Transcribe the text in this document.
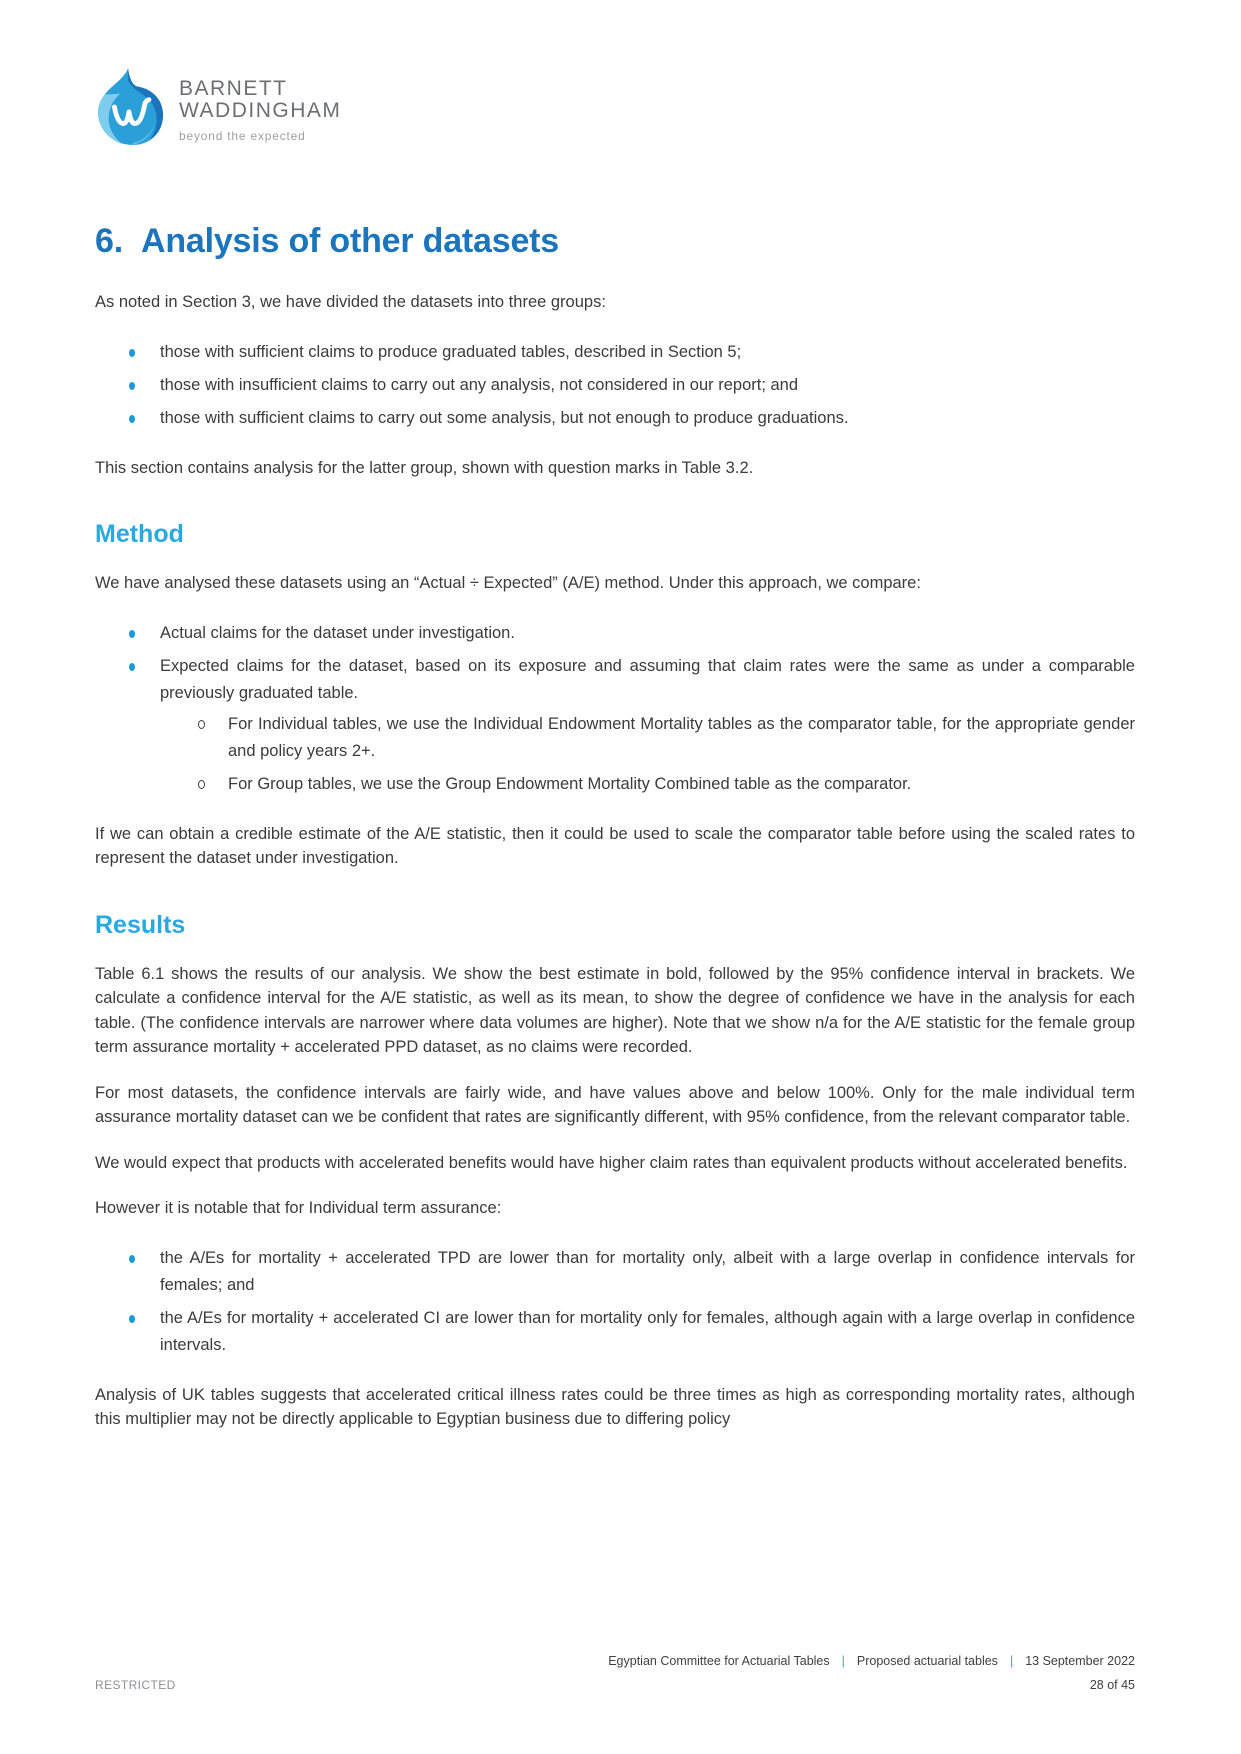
BARNETT
WADDINGHAM
beyond the expected
6. Analysis of other datasets

As noted in Section 3, we have divided the datasets into three groups:

those with sufficient claims to produce graduated tables, described in Section 5;
those with insufficient claims to carry out any analysis, not considered in our report; and
those with sufficient claims to carry out some analysis, but not enough to produce graduations.

This section contains analysis for the latter group, shown with question marks in Table 3.2.

Method

We have analysed these datasets using an “Actual ÷ Expected” (A/E) method. Under this approach, we compare:

Actual claims for the dataset under investigation.
Expected claims for the dataset, based on its exposure and assuming that claim rates were the same as under a comparable previously graduated table.
For Individual tables, we use the Individual Endowment Mortality tables as the comparator table, for the appropriate gender and policy years 2+.
For Group tables, we use the Group Endowment Mortality Combined table as the comparator.

If we can obtain a credible estimate of the A/E statistic, then it could be used to scale the comparator table before using the scaled rates to represent the dataset under investigation.

Results

Table 6.1 shows the results of our analysis. We show the best estimate in bold, followed by the 95% confidence interval in brackets. We calculate a confidence interval for the A/E statistic, as well as its mean, to show the degree of confidence we have in the analysis for each table. (The confidence intervals are narrower where data volumes are higher). Note that we show n/a for the A/E statistic for the female group term assurance mortality + accelerated PPD dataset, as no claims were recorded.

For most datasets, the confidence intervals are fairly wide, and have values above and below 100%. Only for the male individual term assurance mortality dataset can we be confident that rates are significantly different, with 95% confidence, from the relevant comparator table.

We would expect that products with accelerated benefits would have higher claim rates than equivalent products without accelerated benefits.

However it is notable that for Individual term assurance:

the A/Es for mortality + accelerated TPD are lower than for mortality only, albeit with a large overlap in confidence intervals for females; and
the A/Es for mortality + accelerated CI are lower than for mortality only for females, although again with a large overlap in confidence intervals.

Analysis of UK tables suggests that accelerated critical illness rates could be three times as high as corresponding mortality rates, although this multiplier may not be directly applicable to Egyptian business due to differing policy

Egyptian Committee for Actuarial Tables | Proposed actuarial tables | 13 September 2022
RESTRICTED	28 of 45
